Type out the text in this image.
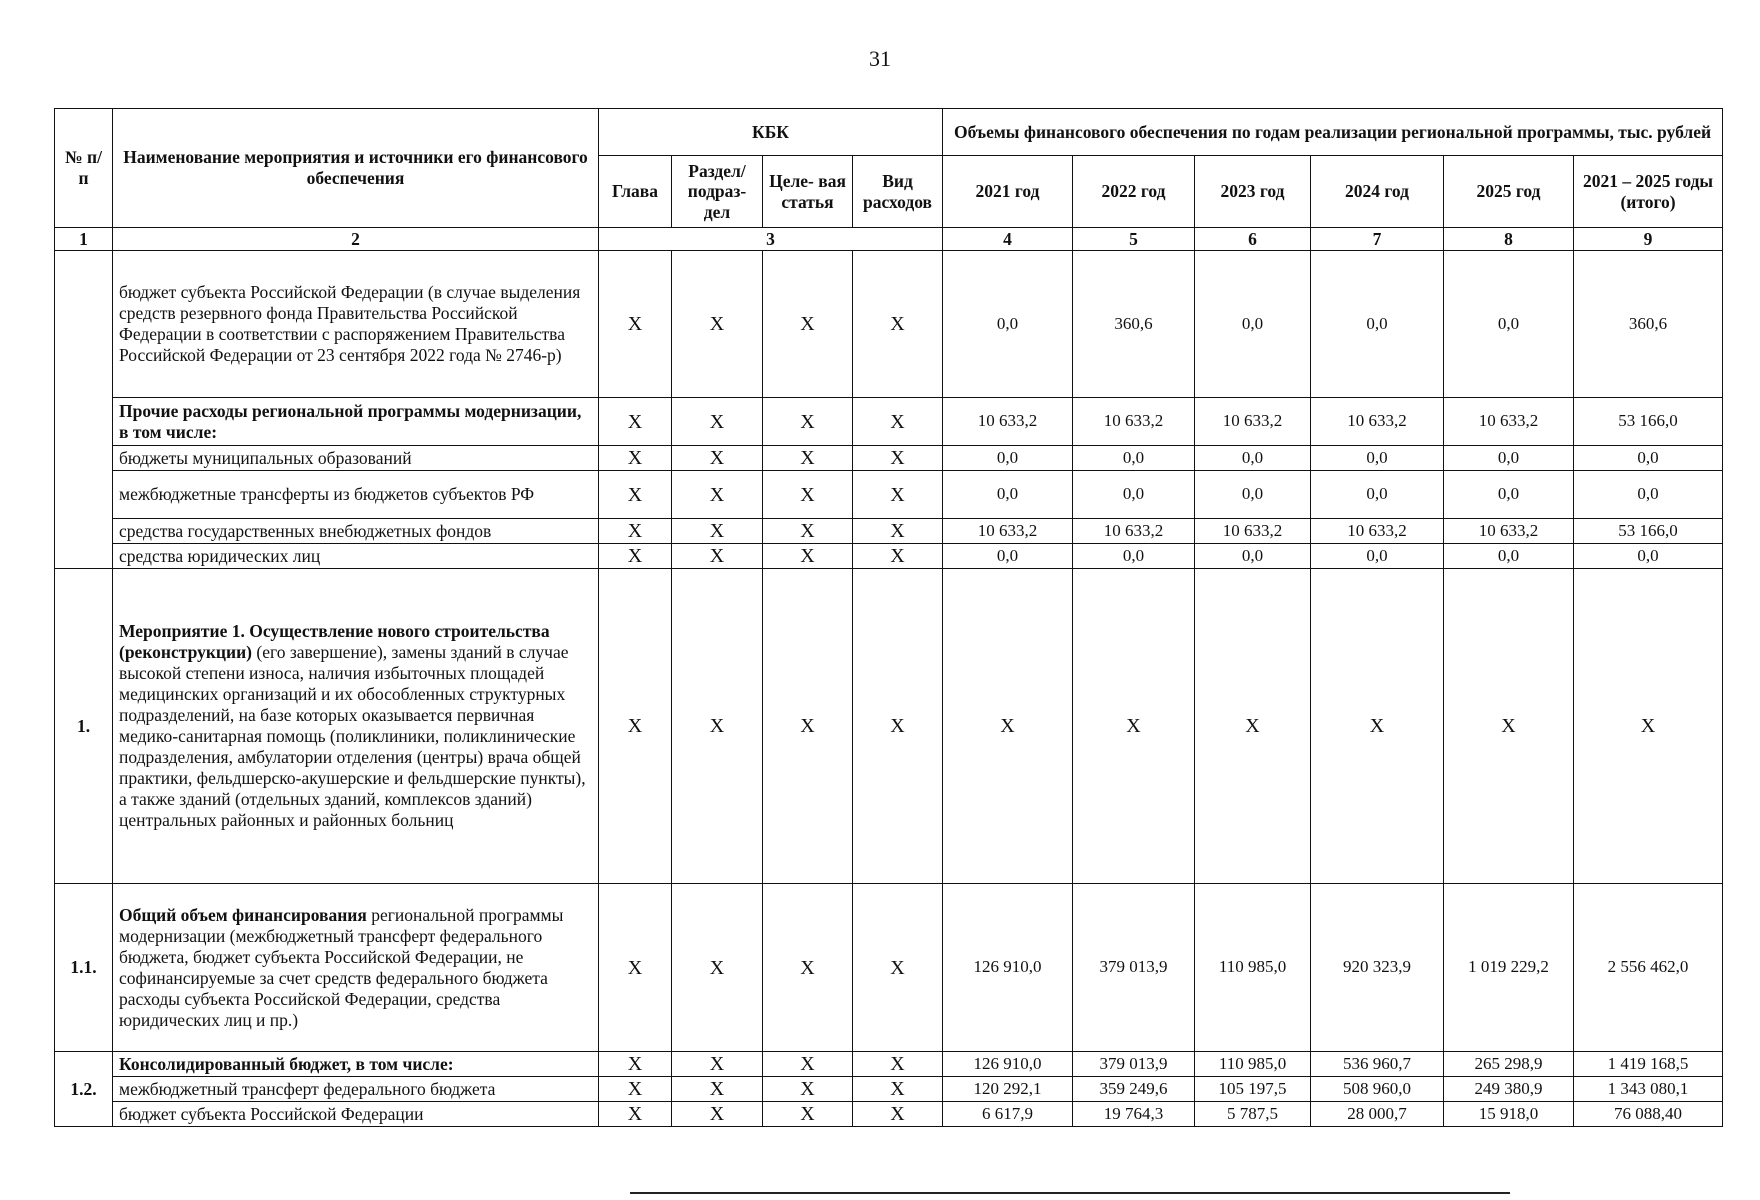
31
№ п/п	Наименование мероприятия и источники его финансового обеспечения	КБК				Объемы финансового обеспечения по годам реализации региональной программы, тыс. рублей					
		Глава	Раздел/ подраз- дел	Целе- вая статья	Вид расходов	2021 год	2022 год	2023 год	2024 год	2025 год	2021 – 2025 годы (итого)
1	2	3				4	5	6	7	8	9
	бюджет субъекта Российской Федерации (в случае выделения средств резервного фонда Правительства Российской Федерации в соответствии с распоряжением Правительства Российской Федерации от 23 сентября 2022 года № 2746-р)	X	X	X	X	0,0	360,6	0,0	0,0	0,0	360,6
	Прочие расходы региональной программы модернизации, в том числе:	X	X	X	X	10 633,2	10 633,2	10 633,2	10 633,2	10 633,2	53 166,0
	бюджеты муниципальных образований	X	X	X	X	0,0	0,0	0,0	0,0	0,0	0,0
	межбюджетные трансферты из бюджетов субъектов РФ	X	X	X	X	0,0	0,0	0,0	0,0	0,0	0,0
	средства государственных внебюджетных фондов	X	X	X	X	10 633,2	10 633,2	10 633,2	10 633,2	10 633,2	53 166,0
	средства юридических лиц	X	X	X	X	0,0	0,0	0,0	0,0	0,0	0,0
1.	Мероприятие 1. Осуществление нового строительства (реконструкции) (его завершение), замены зданий в случае высокой степени износа, наличия избыточных площадей медицинских организаций и их обособленных структурных подразделений, на базе которых оказывается первичная медико-санитарная помощь (поликлиники, поликлинические подразделения, амбулатории отделения (центры) врача общей практики, фельдшерско-акушерские и фельдшерские пункты), а также зданий (отдельных зданий, комплексов зданий) центральных районных и районных больниц	X	X	X	X	X	X	X	X	X	X
1.1.	Общий объем финансирования региональной программы модернизации (межбюджетный трансферт федерального бюджета, бюджет субъекта Российской Федерации, не софинансируемые за счет средств федерального бюджета расходы субъекта Российской Федерации, средства юридических лиц и пр.)	X	X	X	X	126 910,0	379 013,9	110 985,0	920 323,9	1 019 229,2	2 556 462,0
1.2.	Консолидированный бюджет, в том числе:	X	X	X	X	126 910,0	379 013,9	110 985,0	536 960,7	265 298,9	1 419 168,5
	межбюджетный трансферт федерального бюджета	X	X	X	X	120 292,1	359 249,6	105 197,5	508 960,0	249 380,9	1 343 080,1
	бюджет субъекта Российской Федерации	X	X	X	X	6 617,9	19 764,3	5 787,5	28 000,7	15 918,0	76 088,40
